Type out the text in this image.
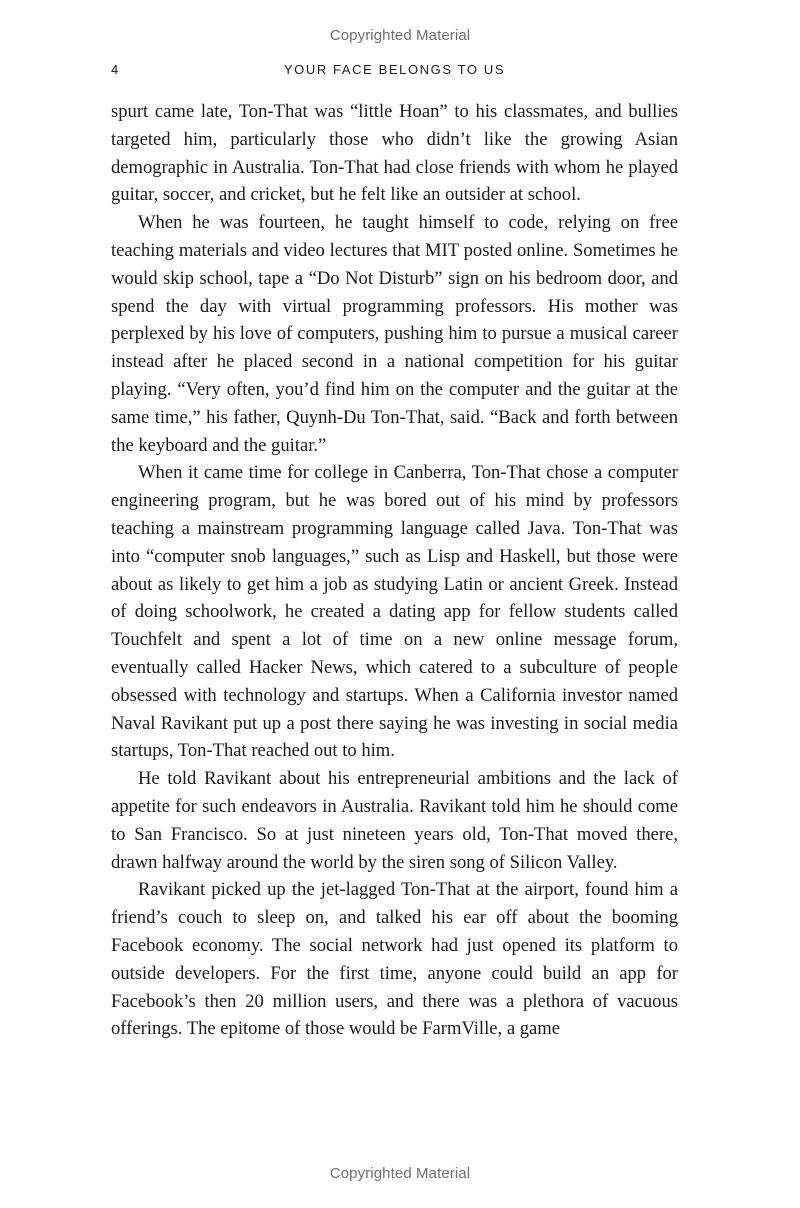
Copyrighted Material
4	YOUR FACE BELONGS TO US

spurt came late, Ton-That was “little Hoan” to his classmates, and bullies targeted him, particularly those who didn’t like the growing Asian demographic in Australia. Ton-That had close friends with whom he played guitar, soccer, and cricket, but he felt like an outsider at school.

When he was fourteen, he taught himself to code, relying on free teaching materials and video lectures that MIT posted online. Sometimes he would skip school, tape a “Do Not Disturb” sign on his bedroom door, and spend the day with virtual programming professors. His mother was perplexed by his love of computers, pushing him to pursue a musical career instead after he placed second in a national competition for his guitar playing. “Very often, you’d find him on the computer and the guitar at the same time,” his father, Quynh-Du Ton-That, said. “Back and forth between the keyboard and the guitar.”

When it came time for college in Canberra, Ton-That chose a computer engineering program, but he was bored out of his mind by professors teaching a mainstream programming language called Java. Ton-That was into “computer snob languages,” such as Lisp and Haskell, but those were about as likely to get him a job as studying Latin or ancient Greek. Instead of doing schoolwork, he created a dating app for fellow students called Touchfelt and spent a lot of time on a new online message forum, eventually called Hacker News, which catered to a subculture of people obsessed with technology and startups. When a California investor named Naval Ravikant put up a post there saying he was investing in social media startups, Ton-That reached out to him.

He told Ravikant about his entrepreneurial ambitions and the lack of appetite for such endeavors in Australia. Ravikant told him he should come to San Francisco. So at just nineteen years old, Ton-That moved there, drawn halfway around the world by the siren song of Silicon Valley.

Ravikant picked up the jet-lagged Ton-That at the airport, found him a friend’s couch to sleep on, and talked his ear off about the booming Facebook economy. The social network had just opened its platform to outside developers. For the first time, anyone could build an app for Facebook’s then 20 million users, and there was a plethora of vacuous offerings. The epitome of those would be FarmVille, a game

Copyrighted Material
